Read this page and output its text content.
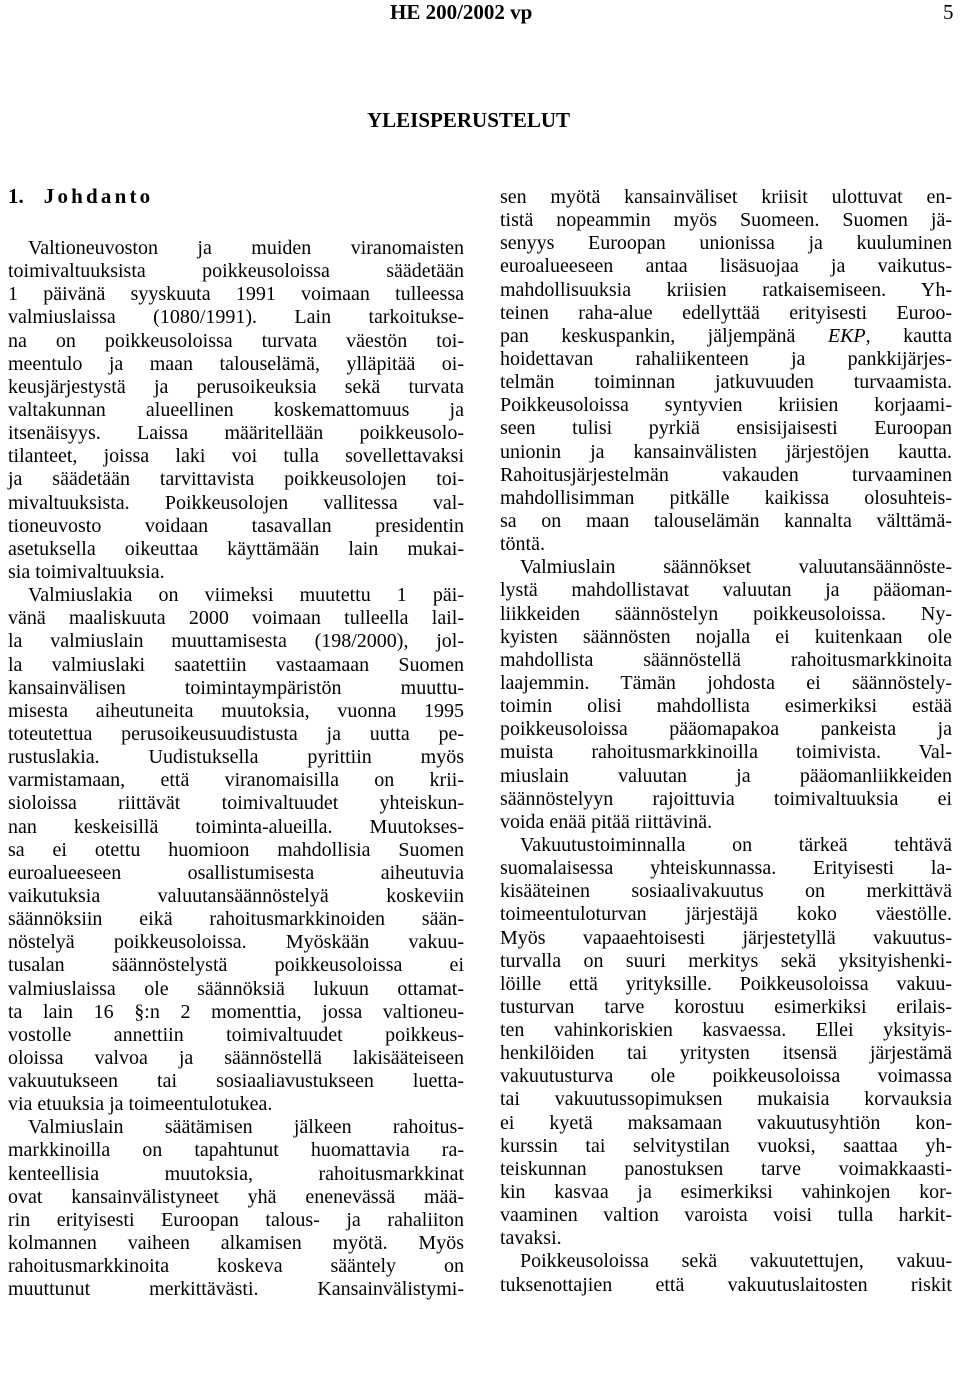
HE 200/2002 vp	5
YLEISPERUSTELUT
1. Johdanto
Valtioneuvoston ja muiden viranomaisten
toimivaltuuksista poikkeusoloissa säädetään
1 päivänä syyskuuta 1991 voimaan tulleessa
valmiuslaissa (1080/1991). Lain tarkoitukse-
na on poikkeusoloissa turvata väestön toi-
meentulo ja maan talouselämä, ylläpitää oi-
keusjärjestystä ja perusoikeuksia sekä turvata
valtakunnan alueellinen koskemattomuus ja
itsenäisyys. Laissa määritellään poikkeusolo-
tilanteet, joissa laki voi tulla sovellettavaksi
ja säädetään tarvittavista poikkeusolojen toi-
mivaltuuksista. Poikkeusolojen vallitessa val-
tioneuvosto voidaan tasavallan presidentin
asetuksella oikeuttaa käyttämään lain mukai-
sia toimivaltuuksia.
Valmiuslakia on viimeksi muutettu 1 päi-
vänä maaliskuuta 2000 voimaan tulleella lail-
la valmiuslain muuttamisesta (198/2000), jol-
la valmiuslaki saatettiin vastaamaan Suomen
kansainvälisen toimintaympäristön muuttu-
misesta aiheutuneita muutoksia, vuonna 1995
toteutettua perusoikeusuudistusta ja uutta pe-
rustuslakia. Uudistuksella pyrittiin myös
varmistamaan, että viranomaisilla on krii-
sioloissa riittävät toimivaltuudet yhteiskun-
nan keskeisillä toiminta-alueilla. Muutokses-
sa ei otettu huomioon mahdollisia Suomen
euroalueeseen osallistumisesta aiheutuvia
vaikutuksia valuutansäännöstelyä koskeviin
säännöksiin eikä rahoitusmarkkinoiden sään-
nöstelyä poikkeusoloissa. Myöskään vakuu-
tusalan säännöstelystä poikkeusoloissa ei
valmiuslaissa ole säännöksiä lukuun ottamat-
ta lain 16 §:n 2 momenttia, jossa valtioneu-
vostolle annettiin toimivaltuudet poikkeus-
oloissa valvoa ja säännöstellä lakisääteiseen
vakuutukseen tai sosiaaliavustukseen luetta-
via etuuksia ja toimeentulotukea.
Valmiuslain säätämisen jälkeen rahoitus-
markkinoilla on tapahtunut huomattavia ra-
kenteellisia muutoksia, rahoitusmarkkinat
ovat kansainvälistyneet yhä enenevässä mää-
rin erityisesti Euroopan talous- ja rahaliiton
kolmannen vaiheen alkamisen myötä. Myös
rahoitusmarkkinoita koskeva sääntely on
muuttunut merkittävästi. Kansainvälistymi-
sen myötä kansainväliset kriisit ulottuvat en-
tistä nopeammin myös Suomeen. Suomen jä-
senyys Euroopan unionissa ja kuuluminen
euroalueeseen antaa lisäsuojaa ja vaikutus-
mahdollisuuksia kriisien ratkaisemiseen. Yh-
teinen raha-alue edellyttää erityisesti Euroo-
pan keskuspankin, jäljempänä EKP, kautta
hoidettavan rahaliikenteen ja pankkijärjes-
telmän toiminnan jatkuvuuden turvaamista.
Poikkeusoloissa syntyvien kriisien korjaami-
seen tulisi pyrkiä ensisijaisesti Euroopan
unionin ja kansainvälisten järjestöjen kautta.
Rahoitusjärjestelmän vakauden turvaaminen
mahdollisimman pitkälle kaikissa olosuhteis-
sa on maan talouselämän kannalta välttämä-
töntä.
Valmiuslain säännökset valuutansäännöste-
lystä mahdollistavat valuutan ja pääoman-
liikkeiden säännöstelyn poikkeusoloissa. Ny-
kyisten säännösten nojalla ei kuitenkaan ole
mahdollista säännöstellä rahoitusmarkkinoita
laajemmin. Tämän johdosta ei säännöstely-
toimin olisi mahdollista esimerkiksi estää
poikkeusoloissa pääomapakoa pankeista ja
muista rahoitusmarkkinoilla toimivista. Val-
miuslain valuutan ja pääomanliikkeiden
säännöstelyyn rajoittuvia toimivaltuuksia ei
voida enää pitää riittävinä.
Vakuutustoiminnalla on tärkeä tehtävä
suomalaisessa yhteiskunnassa. Erityisesti la-
kisääteinen sosiaalivakuutus on merkittävä
toimeentuloturvan järjestäjä koko väestölle.
Myös vapaaehtoisesti järjestetyllä vakuutus-
turvalla on suuri merkitys sekä yksityishenki-
löille että yrityksille. Poikkeusoloissa vakuu-
tusturvan tarve korostuu esimerkiksi erilais-
ten vahinkoriskien kasvaessa. Ellei yksityis-
henkilöiden tai yritysten itsensä järjestämä
vakuutusturva ole poikkeusoloissa voimassa
tai vakuutussopimuksen mukaisia korvauksia
ei kyetä maksamaan vakuutusyhtiön kon-
kurssin tai selvitystilan vuoksi, saattaa yh-
teiskunnan panostuksen tarve voimakkaasti-
kin kasvaa ja esimerkiksi vahinkojen kor-
vaaminen valtion varoista voisi tulla harkit-
tavaksi.
Poikkeusoloissa sekä vakuutettujen, vakuu-
tuksenottajien että vakuutuslaitosten riskit
